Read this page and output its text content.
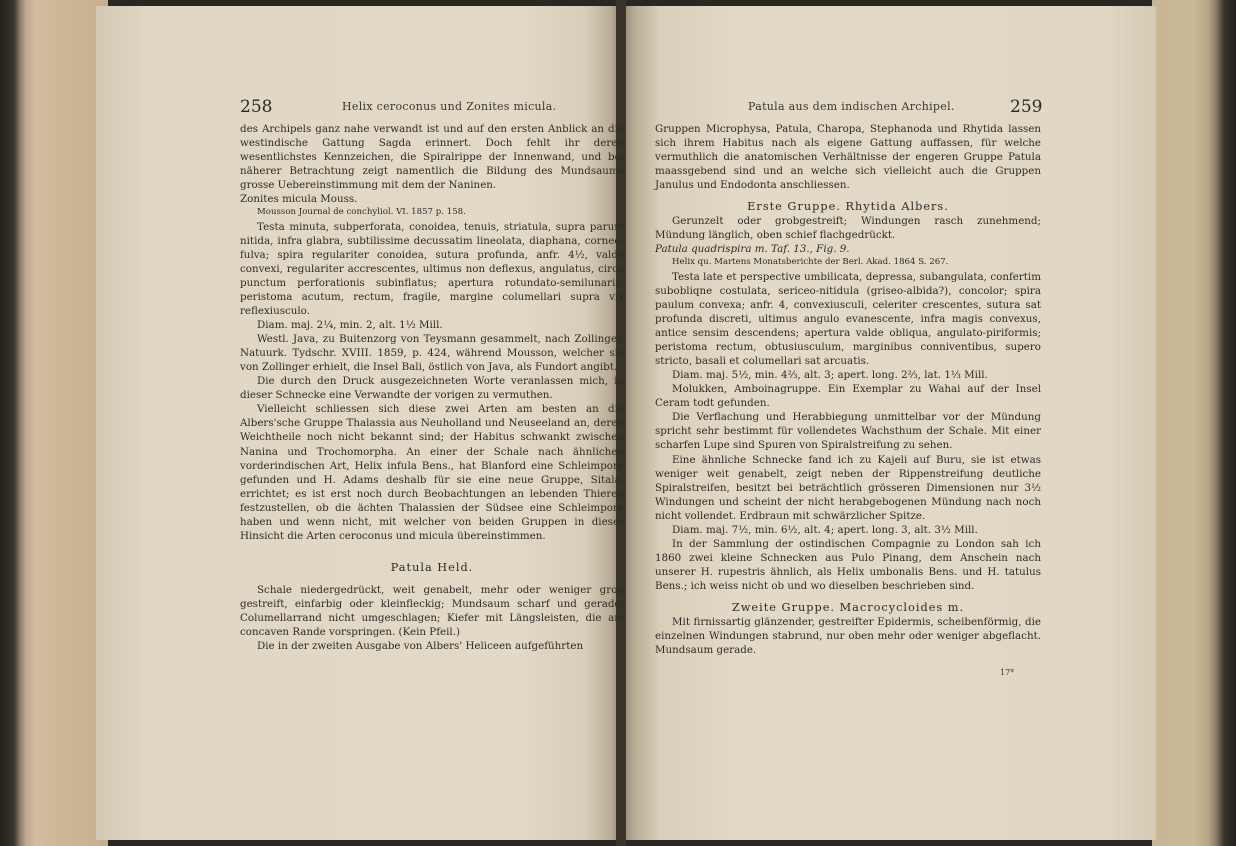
258	Helix ceroconus und Zonites micula.

des Archipels ganz nahe verwandt ist und auf den ersten Anblick an die westindische Gattung Sagda erinnert. Doch fehlt ihr deren wesentlichstes Kennzeichen, die Spiralrippe der Innenwand, und bei näherer Betrachtung zeigt namentlich die Bildung des Mundsaums grosse Uebereinstimmung mit dem der Naninen.

Zonites micula Mouss.

Mousson Journal de conchyliol. VI. 1857 p. 158.

Testa minuta, subperforata, conoidea, tenuis, striatula, supra parum nitida, infra glabra, subtilissime decussatim lineolata, diaphana, corneo-fulva; spira regulariter conoidea, sutura profunda, anfr. 4½, valde convexi, regulariter accrescentes, ultimus non deflexus, angulatus, circa punctum perforationis subinflatus; apertura rotundato-semilunaris; peristoma acutum, rectum, fragile, margine columellari supra vix reflexiusculo.

Diam. maj. 2¼, min. 2, alt. 1½ Mill.

Westl. Java, zu Buitenzorg von Teysmann gesammelt, nach Zollinger, Natuurk. Tydschr. XVIII. 1859, p. 424, während Mousson, welcher sie von Zollinger erhielt, die Insel Bali, östlich von Java, als Fundort angibt.

Die durch den Druck ausgezeichneten Worte veranlassen mich, in dieser Schnecke eine Verwandte der vorigen zu vermuthen.

Vielleicht schliessen sich diese zwei Arten am besten an die Albers'sche Gruppe Thalassia aus Neuholland und Neuseeland an, deren Weichtheile noch nicht bekannt sind; der Habitus schwankt zwischen Nanina und Trochomorpha. An einer der Schale nach ähnlichen vorderindischen Art, Helix infula Bens., hat Blanford eine Schleimpore gefunden und H. Adams deshalb für sie eine neue Gruppe, Sitala, errichtet; es ist erst noch durch Beobachtungen an lebenden Thieren festzustellen, ob die ächten Thalassien der Südsee eine Schleimpore haben und wenn nicht, mit welcher von beiden Gruppen in dieser Hinsicht die Arten ceroconus und micula übereinstimmen.

Patula Held.

Schale niedergedrückt, weit genabelt, mehr oder weniger grob gestreift, einfarbig oder kleinfleckig; Mundsaum scharf und gerade; Columellarrand nicht umgeschlagen; Kiefer mit Längsleisten, die am concaven Rande vorspringen. (Kein Pfeil.)

Die in der zweiten Ausgabe von Albers' Heliceen aufgeführten

Patula aus dem indischen Archipel.	259

Gruppen Microphysa, Patula, Charopa, Stephanoda und Rhytida lassen sich ihrem Habitus nach als eigene Gattung auffassen, für welche vermuthlich die anatomischen Verhältnisse der engeren Gruppe Patula maassgebend sind und an welche sich vielleicht auch die Gruppen Janulus und Endodonta anschliessen.

Erste Gruppe. Rhytida Albers.

Gerunzelt oder grobgestreift; Windungen rasch zunehmend; Mündung länglich, oben schief flachgedrückt.

Patula quadrispira m. Taf. 13., Fig. 9.

Helix qu. Martens Monatsberichte der Berl. Akad. 1864 S. 267.

Testa late et perspective umbilicata, depressa, subangulata, confertim subobliqne costulata, sericeo-nitidula (griseo-albida?), concolor; spira paulum convexa; anfr. 4, convexiusculi, celeriter crescentes, sutura sat profunda discreti, ultimus angulo evanescente, infra magis convexus, antice sensim descendens; apertura valde obliqua, angulato-piriformis; peristoma rectum, obtusiusculum, marginibus conniventibus, supero stricto, basali et columellari sat arcuatis.

Diam. maj. 5½, min. 4⅔, alt. 3; apert. long. 2⅔, lat. 1⅓ Mill.

Molukken, Amboinagruppe. Ein Exemplar zu Wahai auf der Insel Ceram todt gefunden.

Die Verflachung und Herabbiegung unmittelbar vor der Mündung spricht sehr bestimmt für vollendetes Wachsthum der Schale. Mit einer scharfen Lupe sind Spuren von Spiralstreifung zu sehen.

Eine ähnliche Schnecke fand ich zu Kajeli auf Buru, sie ist etwas weniger weit genabelt, zeigt neben der Rippenstreifung deutliche Spiralstreifen, besitzt bei beträchtlich grösseren Dimensionen nur 3½ Windungen und scheint der nicht herabgebogenen Mündung nach noch nicht vollendet. Erdbraun mit schwärzlicher Spitze.

Diam. maj. 7½, min. 6½, alt. 4; apert. long. 3, alt. 3½ Mill.

In der Sammlung der ostindischen Compagnie zu London sah ich 1860 zwei kleine Schnecken aus Pulo Pinang, dem Anschein nach unserer H. rupestris ähnlich, als Helix umbonalis Bens. und H. tatulus Bens.; ich weiss nicht ob und wo dieselben beschrieben sind.

Zweite Gruppe. Macrocycloides m.

Mit firnissartig glänzender, gestreifter Epidermis, scheibenförmig, die einzelnen Windungen stabrund, nur oben mehr oder weniger abgeflacht. Mundsaum gerade.

17*
